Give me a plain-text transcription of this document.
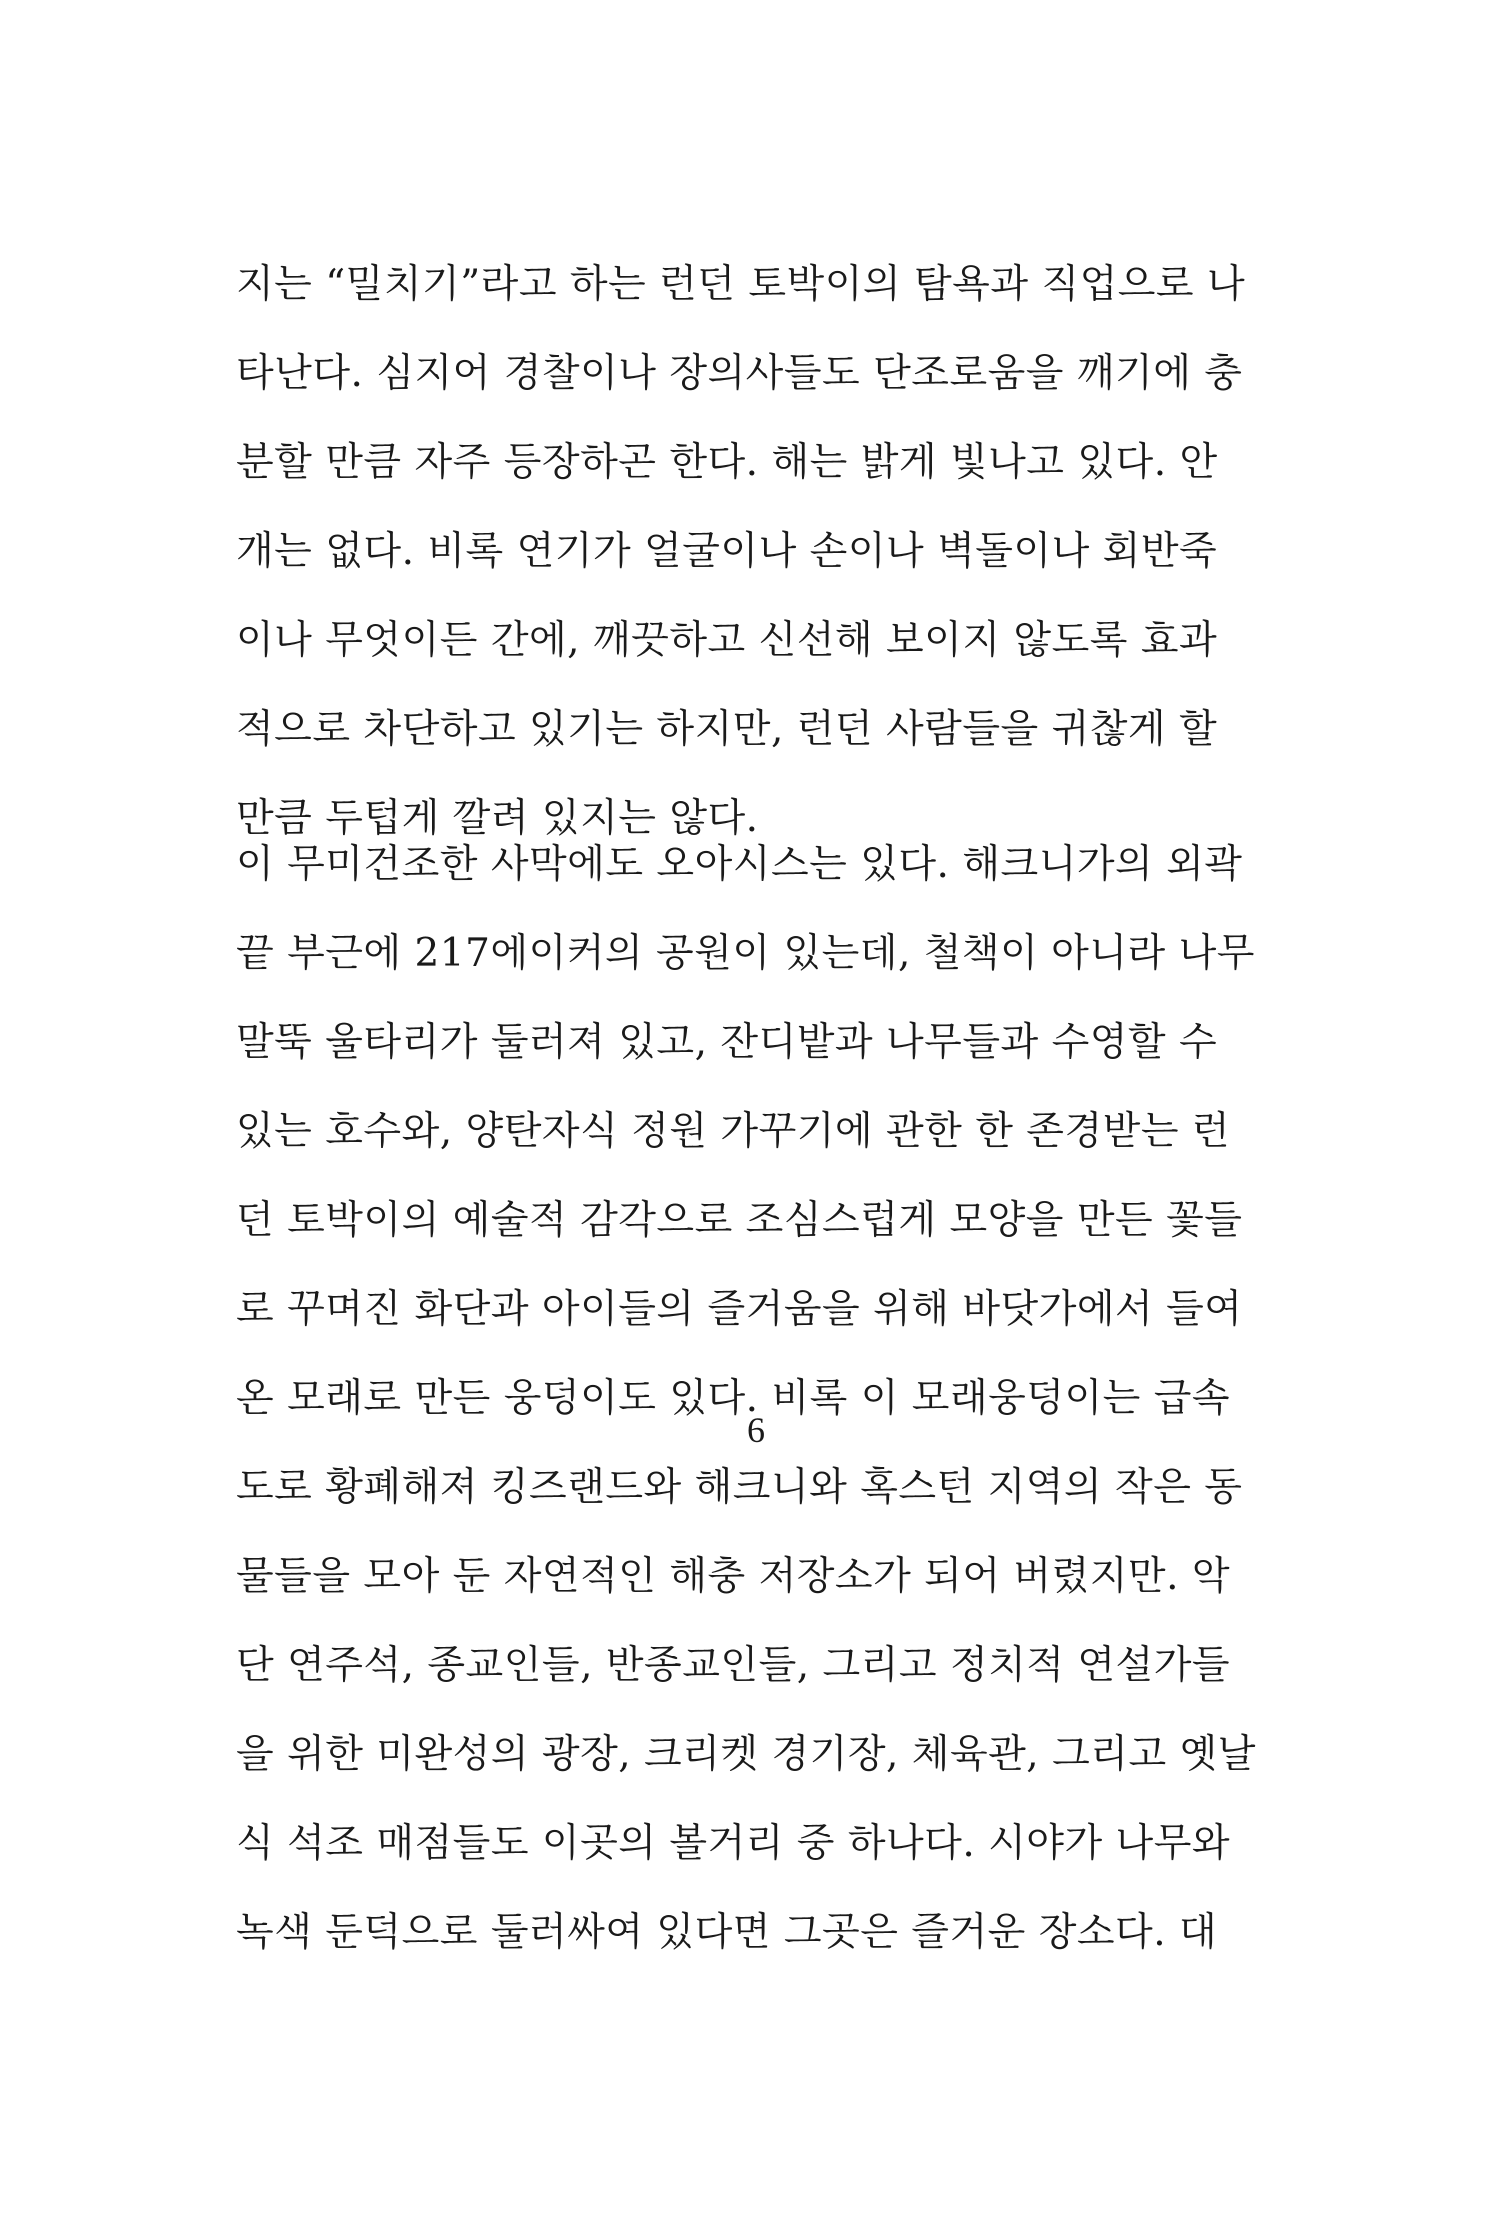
지는 “밀치기”라고 하는 런던 토박이의 탐욕과 직업으로 나
타난다. 심지어 경찰이나 장의사들도 단조로움을 깨기에 충
분할 만큼 자주 등장하곤 한다. 해는 밝게 빛나고 있다. 안
개는 없다. 비록 연기가 얼굴이나 손이나 벽돌이나 회반죽
이나 무엇이든 간에, 깨끗하고 신선해 보이지 않도록 효과
적으로 차단하고 있기는 하지만, 런던 사람들을 귀찮게 할
만큼 두텁게 깔려 있지는 않다.
이 무미건조한 사막에도 오아시스는 있다. 해크니가의 외곽
끝 부근에 217에이커의 공원이 있는데, 철책이 아니라 나무
말뚝 울타리가 둘러져 있고, 잔디밭과 나무들과 수영할 수
있는 호수와, 양탄자식 정원 가꾸기에 관한 한 존경받는 런
던 토박이의 예술적 감각으로 조심스럽게 모양을 만든 꽃들
로 꾸며진 화단과 아이들의 즐거움을 위해 바닷가에서 들여
온 모래로 만든 웅덩이도 있다. 비록 이 모래웅덩이는 급속
도로 황폐해져 킹즈랜드와 해크니와 혹스턴 지역의 작은 동
물들을 모아 둔 자연적인 해충 저장소가 되어 버렸지만. 악
단 연주석, 종교인들, 반종교인들, 그리고 정치적 연설가들
을 위한 미완성의 광장, 크리켓 경기장, 체육관, 그리고 옛날
식 석조 매점들도 이곳의 볼거리 중 하나다. 시야가 나무와
녹색 둔덕으로 둘러싸여 있다면 그곳은 즐거운 장소다. 대
6
